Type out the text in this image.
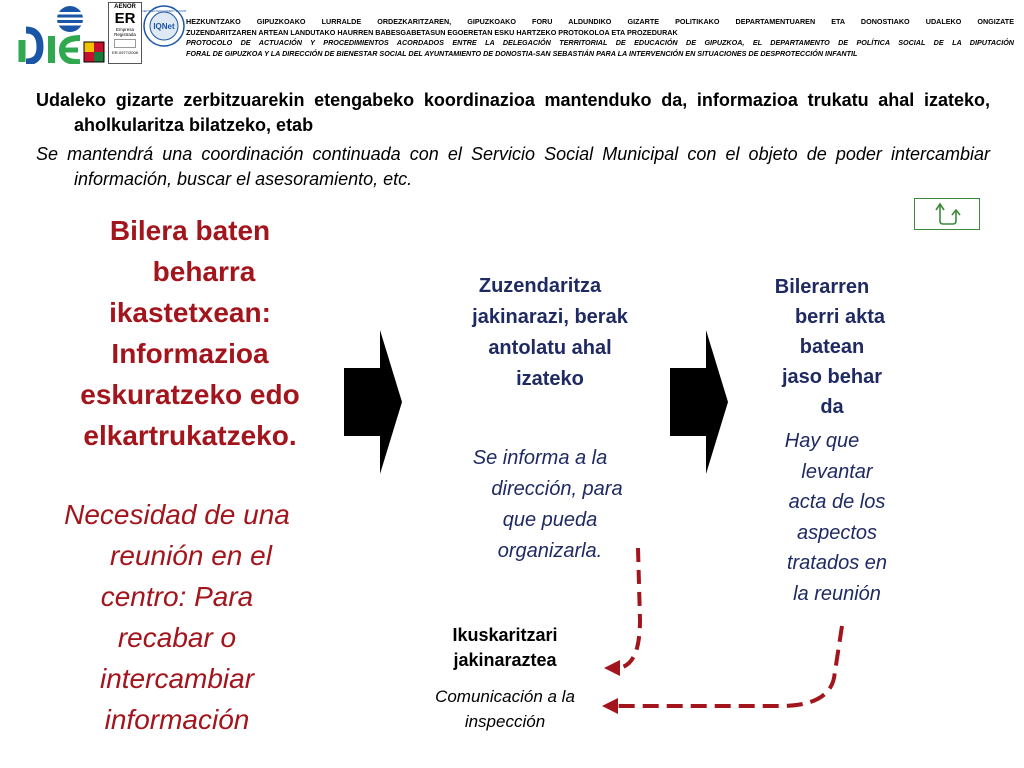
AENOR
ER
Empresa Registrada
ER-0977/2008
IQNet
CERTIFIED MANAGEMENT SYSTEM
HEZKUNTZAKO GIPUZKOAKO LURRALDE ORDEZKARITZAREN, GIPUZKOAKO FORU ALDUNDIKO GIZARTE POLITIKAKO DEPARTAMENTUAREN ETA DONOSTIAKO UDALEKO ONGIZATE
ZUZENDARITZAREN ARTEAN LANDUTAKO HAURREN BABESGABETASUN EGOERETAN ESKU HARTZEKO PROTOKOLOA ETA PROZEDURAK
PROTOCOLO DE ACTUACIÓN Y PROCEDIMIENTOS ACORDADOS ENTRE LA DELEGACIÓN TERRITORIAL DE EDUCACIÓN DE GIPUZKOA, EL DEPARTAMENTO DE POLÍTICA SOCIAL DE LA DIPUTACIÓN
FORAL DE GIPUZKOA Y LA DIRECCIÓN DE BIENESTAR SOCIAL DEL AYUNTAMIENTO DE DONOSTIA-SAN SEBASTIÁN PARA LA INTERVENCIÓN EN SITUACIONES DE DESPROTECCIÓN INFANTIL
Udaleko gizarte zerbitzuarekin etengabeko koordinazioa mantenduko da, informazioa trukatu ahal izateko, aholkularitza bilatzeko, etab
Se mantendrá una coordinación continuada con el Servicio Social Municipal con el objeto de poder intercambiar información, buscar el asesoramiento, etc.
Bilera baten
beharra
ikastetxean:
Informazioa
eskuratzeko edo
elkartrukatzeko.
Necesidad de una
reunión en el
centro: Para
recabar o
intercambiar
información
Zuzendaritza
jakinarazi, berak
antolatu ahal
izateko
Se informa a la
dirección, para
que pueda
organizarla.
Bilerarren
berri akta
batean
jaso behar
da
Hay que
levantar
acta de los
aspectos
tratados en
la reunión
Ikuskaritzari
jakinaraztea
Comunicación a la
inspección
